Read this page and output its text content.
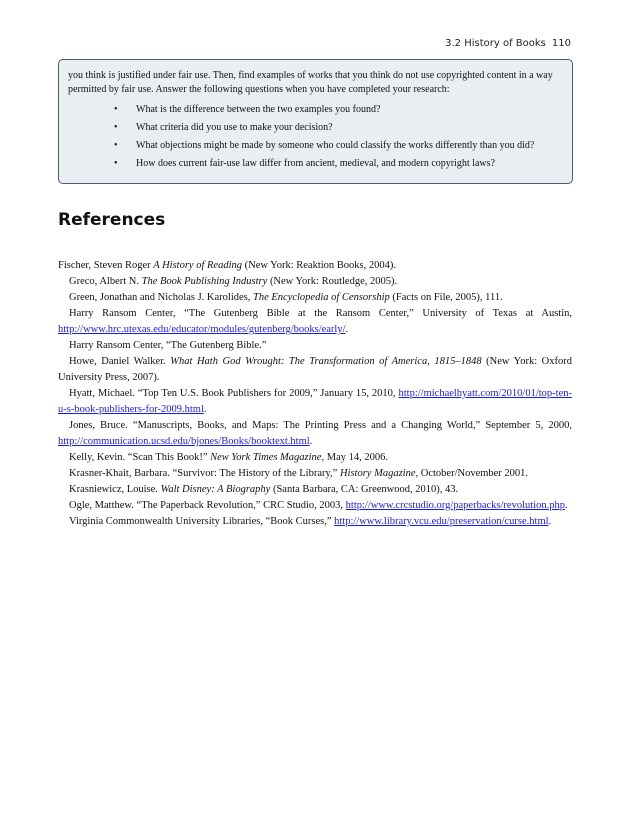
3.2 History of Books 110

you think is justified under fair use. Then, find examples of works that you think do not use copyrighted content in a way permitted by fair use. Answer the following questions when you have completed your research:

• What is the difference between the two examples you found?
• What criteria did you use to make your decision?
• What objections might be made by someone who could classify the works differently than you did?
• How does current fair-use law differ from ancient, medieval, and modern copyright laws?
References

Fischer, Steven Roger A History of Reading (New York: Reaktion Books, 2004).

Greco, Albert N. The Book Publishing Industry (New York: Routledge, 2005).

Green, Jonathan and Nicholas J. Karolides, The Encyclopedia of Censorship (Facts on File, 2005), 111.

Harry Ransom Center, “The Gutenberg Bible at the Ransom Center,” University of Texas at Austin, http://www.hrc.utexas.edu/educator/modules/gutenberg/books/early/.

Harry Ransom Center, “The Gutenberg Bible.”

Howe, Daniel Walker. What Hath God Wrought: The Transformation of America, 1815–1848 (New York: Oxford University Press, 2007).

Hyatt, Michael. “Top Ten U.S. Book Publishers for 2009,” January 15, 2010, http://michaelhyatt.com/2010/01/top-ten-u-s-book-publishers-for-2009.html.

Jones, Bruce. “Manuscripts, Books, and Maps: The Printing Press and a Changing World,” September 5, 2000, http://communication.ucsd.edu/bjones/Books/booktext.html.

Kelly, Kevin. “Scan This Book!” New York Times Magazine, May 14, 2006.

Krasner-Khait, Barbara. “Survivor: The History of the Library,” History Magazine, October/November 2001.

Krasniewicz, Louise. Walt Disney: A Biography (Santa Barbara, CA: Greenwood, 2010), 43.

Ogle, Matthew. “The Paperback Revolution,” CRC Studio, 2003, http://www.crcstudio.org/paperbacks/revolution.php.

Virginia Commonwealth University Libraries, “Book Curses,” http://www.library.vcu.edu/preservation/curse.html.
